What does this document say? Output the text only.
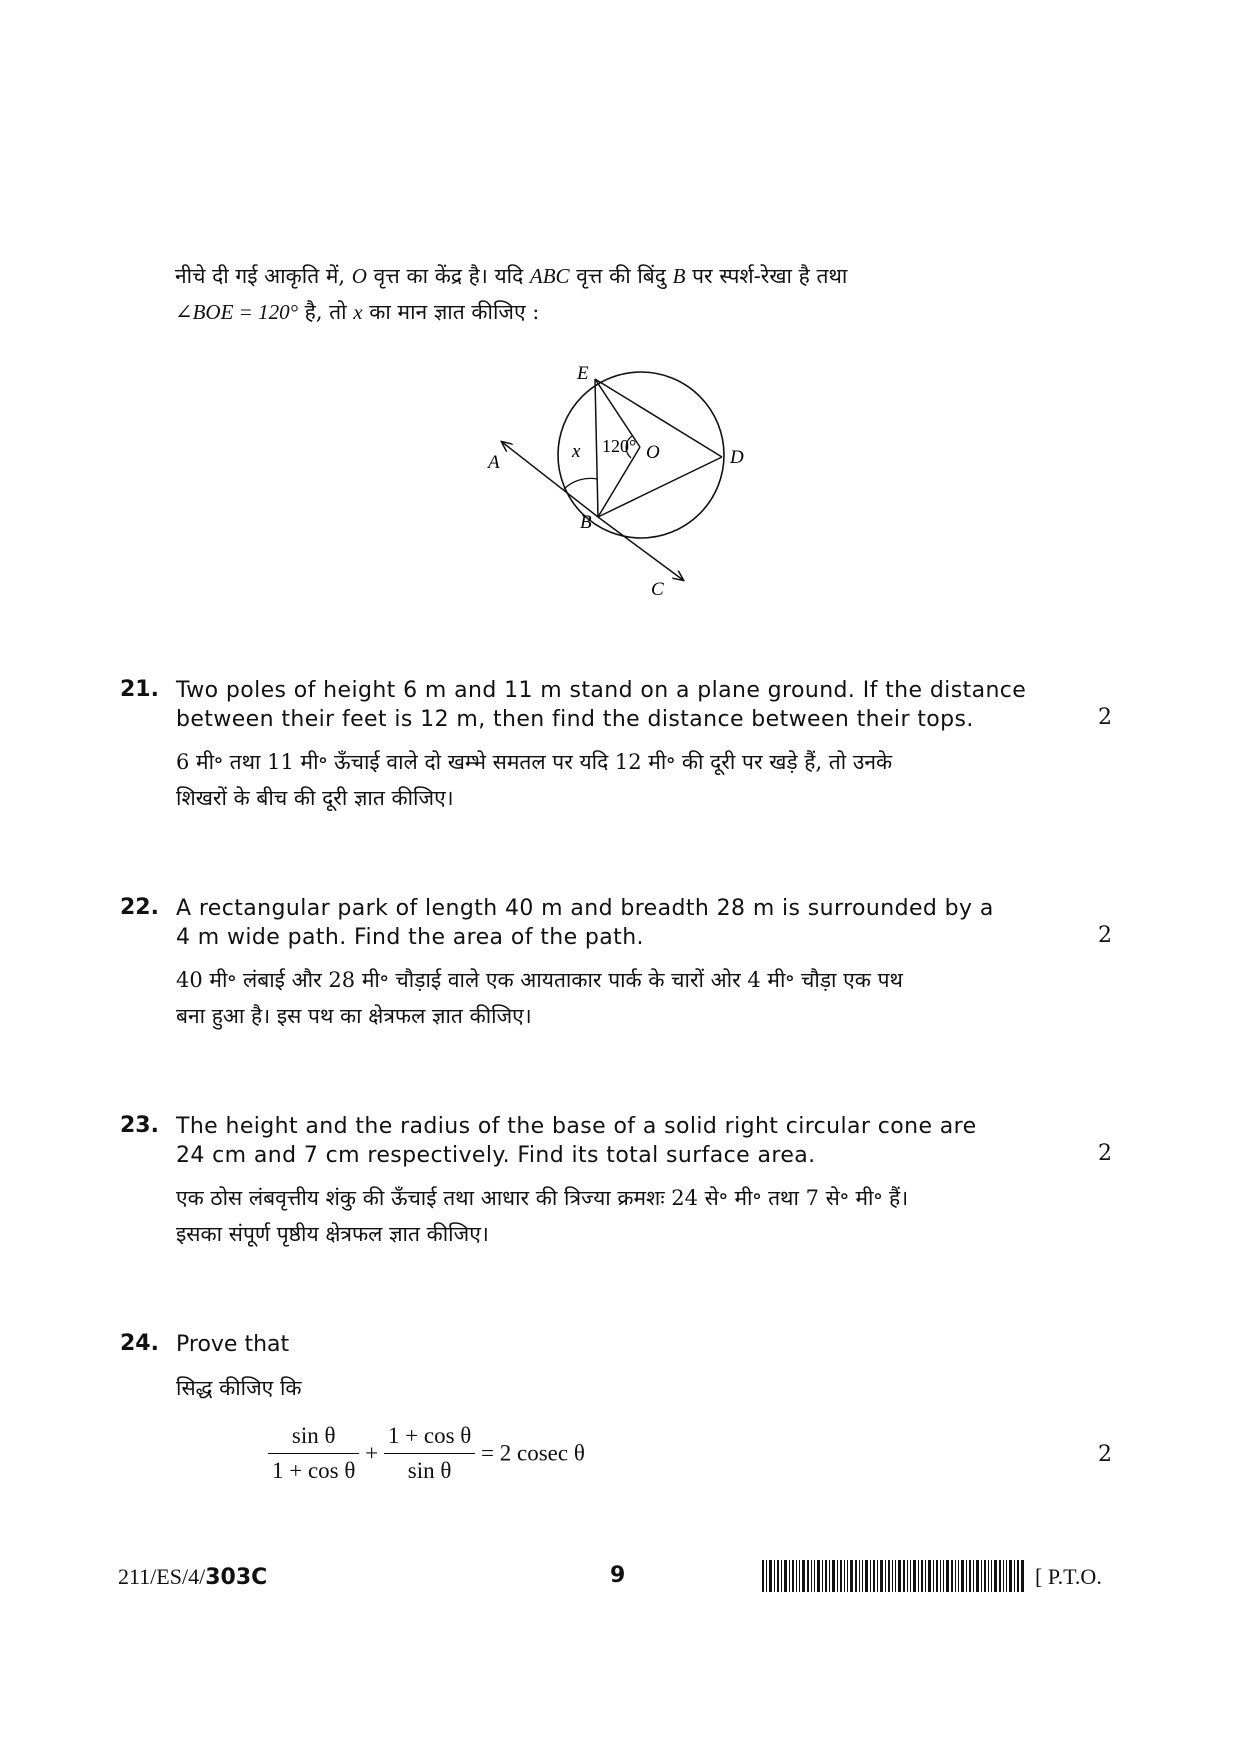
नीचे दी गई आकृति में, O वृत्त का केंद्र है। यदि ABC वृत्त की बिंदु B पर स्पर्श-रेखा है तथा
∠BOE = 120° है, तो x का मान ज्ञात कीजिए :
E
A
x 120° O	D
B
C
21. Two poles of height 6 m and 11 m stand on a plane ground. If the distance
between their feet is 12 m, then find the distance between their tops.	2
6 मी॰ तथा 11 मी॰ ऊँचाई वाले दो खम्भे समतल पर यदि 12 मी॰ की दूरी पर खड़े हैं, तो उनके
शिखरों के बीच की दूरी ज्ञात कीजिए।
22. A rectangular park of length 40 m and breadth 28 m is surrounded by a
4 m wide path. Find the area of the path.	2
40 मी॰ लंबाई और 28 मी॰ चौड़ाई वाले एक आयताकार पार्क के चारों ओर 4 मी॰ चौड़ा एक पथ
बना हुआ है। इस पथ का क्षेत्रफल ज्ञात कीजिए।
23. The height and the radius of the base of a solid right circular cone are
24 cm and 7 cm respectively. Find its total surface area.	2
एक ठोस लंबवृत्तीय शंकु की ऊँचाई तथा आधार की त्रिज्या क्रमशः 24 से॰ मी॰ तथा 7 से॰ मी॰ हैं।
इसका संपूर्ण पृष्ठीय क्षेत्रफल ज्ञात कीजिए।
24. Prove that
सिद्ध कीजिए कि
$\frac{\text{sin θ}}{\text{1 + cos θ}} + \frac{\text{1 + cos θ}}{\text{sin θ}} = 2$ cosec θ	2
211/ES/4/303C	9	[ P.T.O.
